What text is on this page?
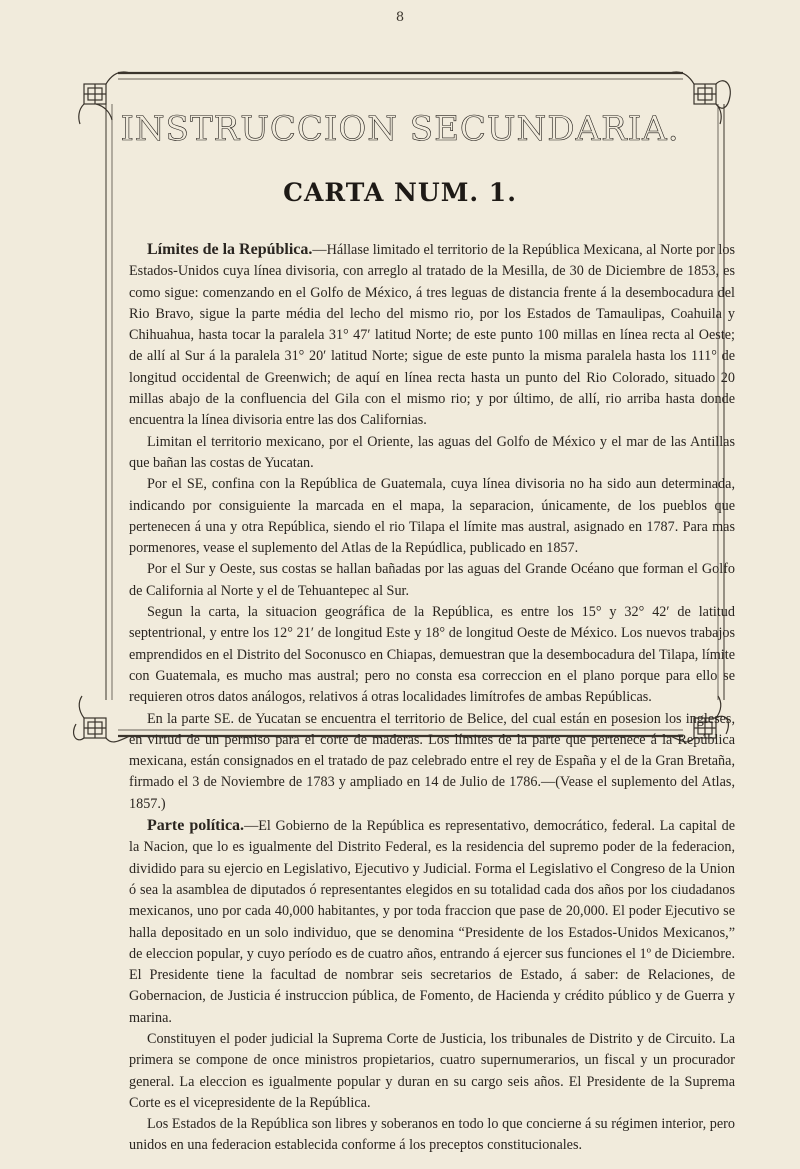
8
INSTRUCCION SECUNDARIA.
CARTA NUM. 1.

Límites de la República.—Hállase limitado el territorio de la República Mexicana, al Norte por los Estados-Unidos cuya línea divisoria, con arreglo al tratado de la Mesilla, de 30 de Diciembre de 1853, es como sigue: comenzando en el Golfo de México, á tres leguas de distancia frente á la desembocadura del Rio Bravo, sigue la parte média del lecho del mismo rio, por los Estados de Tamaulipas, Coahuila y Chihuahua, hasta tocar la paralela 31° 47′ latitud Norte; de este punto 100 millas en línea recta al Oeste; de allí al Sur á la paralela 31° 20′ latitud Norte; sigue de este punto la misma paralela hasta los 111° de longitud occidental de Greenwich; de aquí en línea recta hasta un punto del Rio Colorado, situado 20 millas abajo de la confluencia del Gila con el mismo rio; y por último, de allí, rio arriba hasta donde encuentra la línea divisoria entre las dos Californias.

Limitan el territorio mexicano, por el Oriente, las aguas del Golfo de México y el mar de las Antillas que bañan las costas de Yucatan.

Por el SE, confina con la República de Guatemala, cuya línea divisoria no ha sido aun determinada, indicando por consiguiente la marcada en el mapa, la separacion, únicamente, de los pueblos que pertenecen á una y otra República, siendo el rio Tilapa el límite mas austral, asignado en 1787. Para mas pormenores, vease el suplemento del Atlas de la Repúdlica, publicado en 1857.

Por el Sur y Oeste, sus costas se hallan bañadas por las aguas del Grande Océano que forman el Golfo de California al Norte y el de Tehuantepec al Sur.

Segun la carta, la situacion geográfica de la República, es entre los 15° y 32° 42′ de latitud septentrional, y entre los 12° 21′ de longitud Este y 18° de longitud Oeste de México. Los nuevos trabajos emprendidos en el Distrito del Soconusco en Chiapas, demuestran que la desembocadura del Tilapa, límite con Guatemala, es mucho mas austral; pero no consta esa correccion en el plano porque para ello se requieren otros datos análogos, relativos á otras localidades limítrofes de ambas Repúblicas.

En la parte SE. de Yucatan se encuentra el territorio de Belice, del cual están en posesion los ingleses, en virtud de un permiso para el corte de maderas. Los límites de la parte que pertenece á la República mexicana, están consignados en el tratado de paz celebrado entre el rey de España y el de la Gran Bretaña, firmado el 3 de Noviembre de 1783 y ampliado en 14 de Julio de 1786.—(Vease el suplemento del Atlas, 1857.)

Parte política.—El Gobierno de la República es representativo, democrático, federal. La capital de la Nacion, que lo es igualmente del Distrito Federal, es la residencia del supremo poder de la federacion, dividido para su ejercio en Legislativo, Ejecutivo y Judicial. Forma el Legislativo el Congreso de la Union ó sea la asamblea de diputados ó representantes elegidos en su totalidad cada dos años por los ciudadanos mexicanos, uno por cada 40,000 habitantes, y por toda fraccion que pase de 20,000. El poder Ejecutivo se halla depositado en un solo individuo, que se denomina “Presidente de los Estados-Unidos Mexicanos,” de eleccion popular, y cuyo período es de cuatro años, entrando á ejercer sus funciones el 1º de Diciembre. El Presidente tiene la facultad de nombrar seis secretarios de Estado, á saber: de Relaciones, de Gobernacion, de Justicia é instruccion pública, de Fomento, de Hacienda y crédito público y de Guerra y marina.

Constituyen el poder judicial la Suprema Corte de Justicia, los tribunales de Distrito y de Circuito. La primera se compone de once ministros propietarios, cuatro supernumerarios, un fiscal y un procurador general. La eleccion es igualmente popular y duran en su cargo seis años. El Presidente de la Suprema Corte es el vicepresidente de la República.

Los Estados de la República son libres y soberanos en todo lo que concierne á su régimen interior, pero unidos en una federacion establecida conforme á los preceptos constitucionales.
